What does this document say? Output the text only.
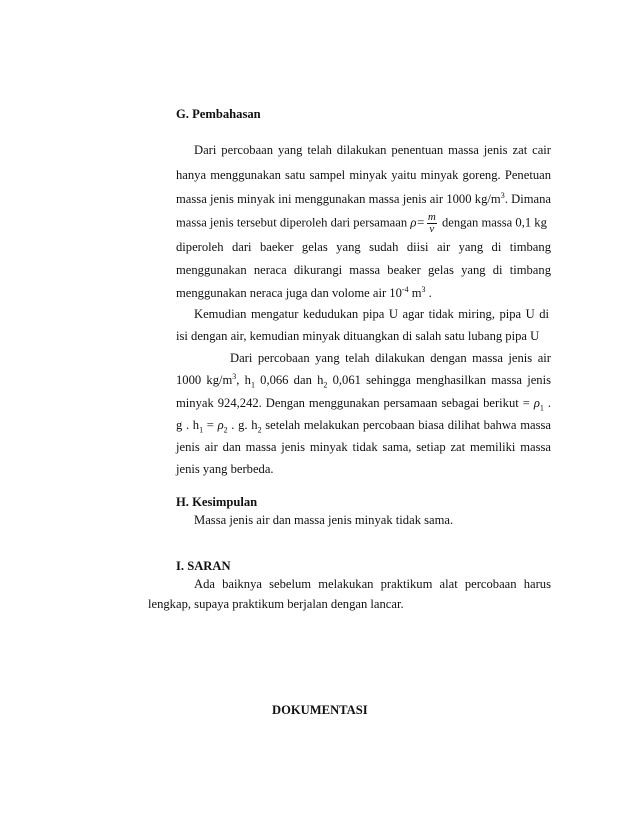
G. Pembahasan
Dari percobaan yang telah dilakukan penentuan massa jenis zat cair
hanya menggunakan satu sampel minyak yaitu minyak goreng. Penetuan
massa jenis minyak ini menggunakan massa jenis air 1000 $kg/m^3$. Dimana
massa jenis tersebut diperoleh dari persamaan $\rho= \frac{m}{v}$ dengan massa 0,1 kg
diperoleh dari baeker gelas yang sudah diisi air yang di timbang
menggunakan neraca dikurangi massa beaker gelas yang di timbang
menggunakan neraca juga dan volome air $10^{-4}$ $m^3$ .
Kemudian mengatur kedudukan pipa U agar tidak miring, pipa U di
isi dengan air, kemudian minyak dituangkan di salah satu lubang pipa U
Dari percobaan yang telah dilakukan dengan massa jenis air
1000 $kg/m^3$, $h_1$ 0,066 dan $h_2$ 0,061 sehingga menghasilkan massa jenis
minyak 924,242. Dengan menggunakan persamaan sebagai berikut = $\rho_1$ .
g . $h_1 = \rho_2$ . g. $h_2$ setelah melakukan percobaan biasa dilihat bahwa massa
jenis air dan massa jenis minyak tidak sama, setiap zat memiliki massa
jenis yang berbeda.
H. Kesimpulan
Massa jenis air dan massa jenis minyak tidak sama.
I. SARAN
Ada baiknya sebelum melakukan praktikum alat percobaan harus
lengkap, supaya praktikum berjalan dengan lancar.
DOKUMENTASI
